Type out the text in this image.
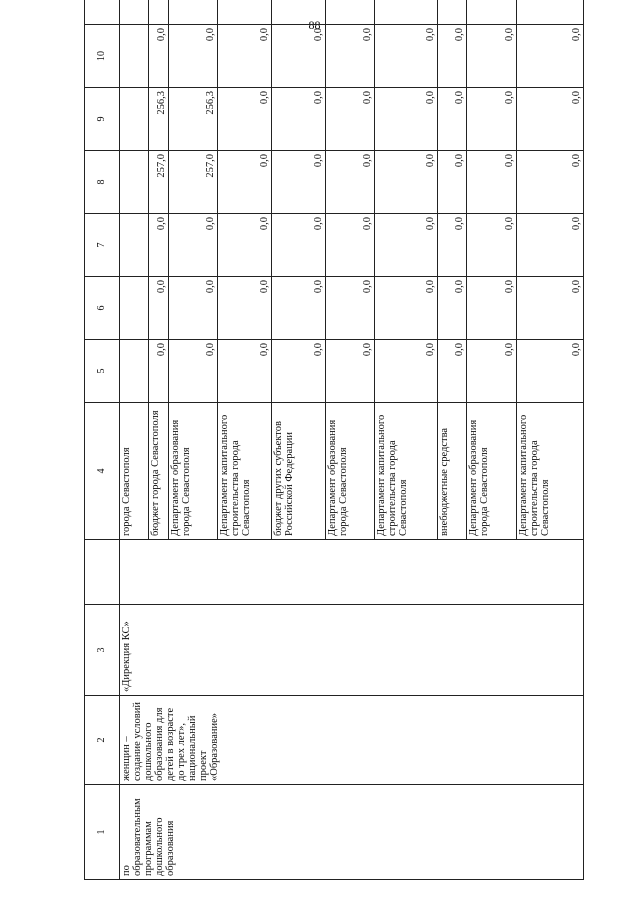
88
1	2	3		4	5	6	7	8	9	10	
по образовательным программам дошкольного образования	женщин – создание условий дошкольного образования для детей в возрасте до трех лет», национальный проект «Образование»	«Дирекция КС»		города Севастополя							
				бюджет города Севастополя	0,0	0,0	0,0	257,0	256,3	0,0	
				Департамент образования города Севастополя	0,0	0,0	0,0	257,0	256,3	0,0	
				Департамент капитального строительства города Севастополя	0,0	0,0	0,0	0,0	0,0	0,0	
				бюджет других субъектов Российской Федерации	0,0	0,0	0,0	0,0	0,0	0,0	
				Департамент образования города Севастополя	0,0	0,0	0,0	0,0	0,0	0,0	
				Департамент капитального строительства города Севастополя	0,0	0,0	0,0	0,0	0,0	0,0	
				внебюджетные средства	0,0	0,0	0,0	0,0	0,0	0,0	
				Департамент образования города Севастополя	0,0	0,0	0,0	0,0	0,0	0,0	
				Департамент капитального строительства города Севастополя	0,0	0,0	0,0	0,0	0,0	0,0	
